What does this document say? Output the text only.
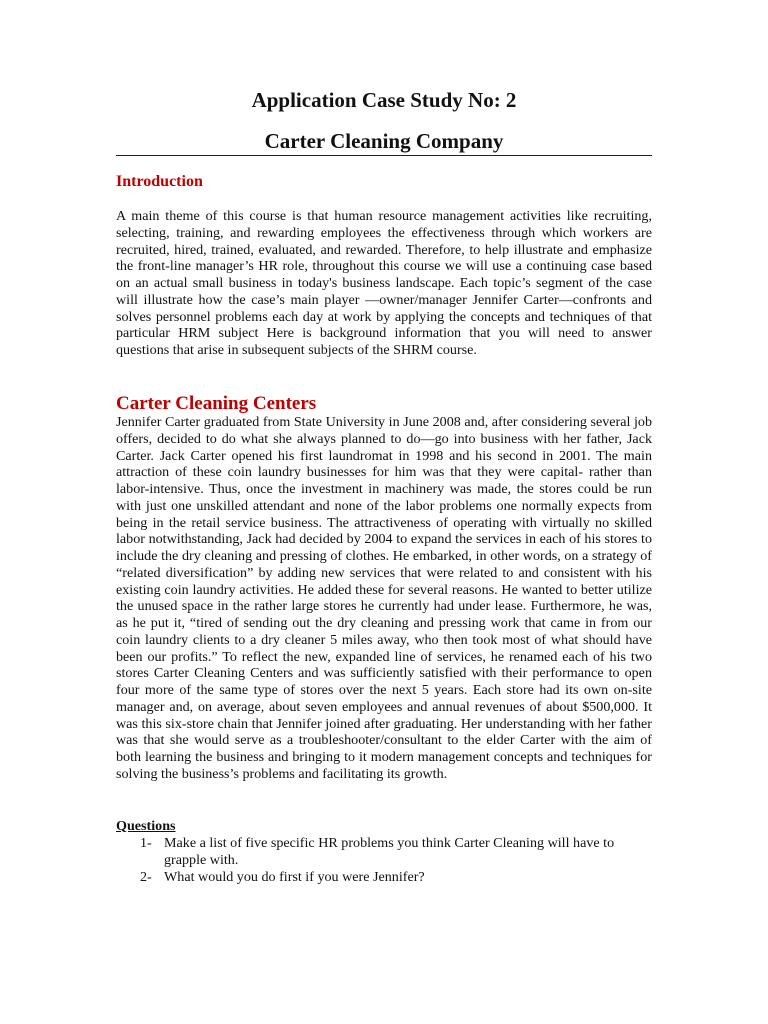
Application Case Study No: 2
Carter Cleaning Company
Introduction

A main theme of this course is that human resource management activities like recruiting, selecting, training, and rewarding employees the effectiveness through which workers are recruited, hired, trained, evaluated, and rewarded. Therefore, to help illustrate and emphasize the front-line manager’s HR role, throughout this course we will use a continuing case based on an actual small business in today's business landscape. Each topic’s segment of the case will illustrate how the case’s main player —owner/manager Jennifer Carter—confronts and solves personnel problems each day at work by applying the concepts and techniques of that particular HRM subject Here is background information that you will need to answer questions that arise in subsequent subjects of the SHRM course.

Carter Cleaning Centers

Jennifer Carter graduated from State University in June 2008 and, after considering several job offers, decided to do what she always planned to do—go into business with her father, Jack Carter. Jack Carter opened his first laundromat in 1998 and his second in 2001. The main attraction of these coin laundry businesses for him was that they were capital- rather than labor-intensive. Thus, once the investment in machinery was made, the stores could be run with just one unskilled attendant and none of the labor problems one normally expects from being in the retail service business. The attractiveness of operating with virtually no skilled labor notwithstanding, Jack had decided by 2004 to expand the services in each of his stores to include the dry cleaning and pressing of clothes. He embarked, in other words, on a strategy of “related diversification” by adding new services that were related to and consistent with his existing coin laundry activities. He added these for several reasons. He wanted to better utilize the unused space in the rather large stores he currently had under lease. Furthermore, he was, as he put it, “tired of sending out the dry cleaning and pressing work that came in from our coin laundry clients to a dry cleaner 5 miles away, who then took most of what should have been our profits.” To reflect the new, expanded line of services, he renamed each of his two stores Carter Cleaning Centers and was sufficiently satisfied with their performance to open four more of the same type of stores over the next 5 years. Each store had its own on-site manager and, on average, about seven employees and annual revenues of about $500,000. It was this six-store chain that Jennifer joined after graduating. Her understanding with her father was that she would serve as a troubleshooter/consultant to the elder Carter with the aim of both learning the business and bringing to it modern management concepts and techniques for solving the business’s problems and facilitating its growth.

Questions

1- Make a list of five specific HR problems you think Carter Cleaning will have to grapple with.
2- What would you do first if you were Jennifer?
